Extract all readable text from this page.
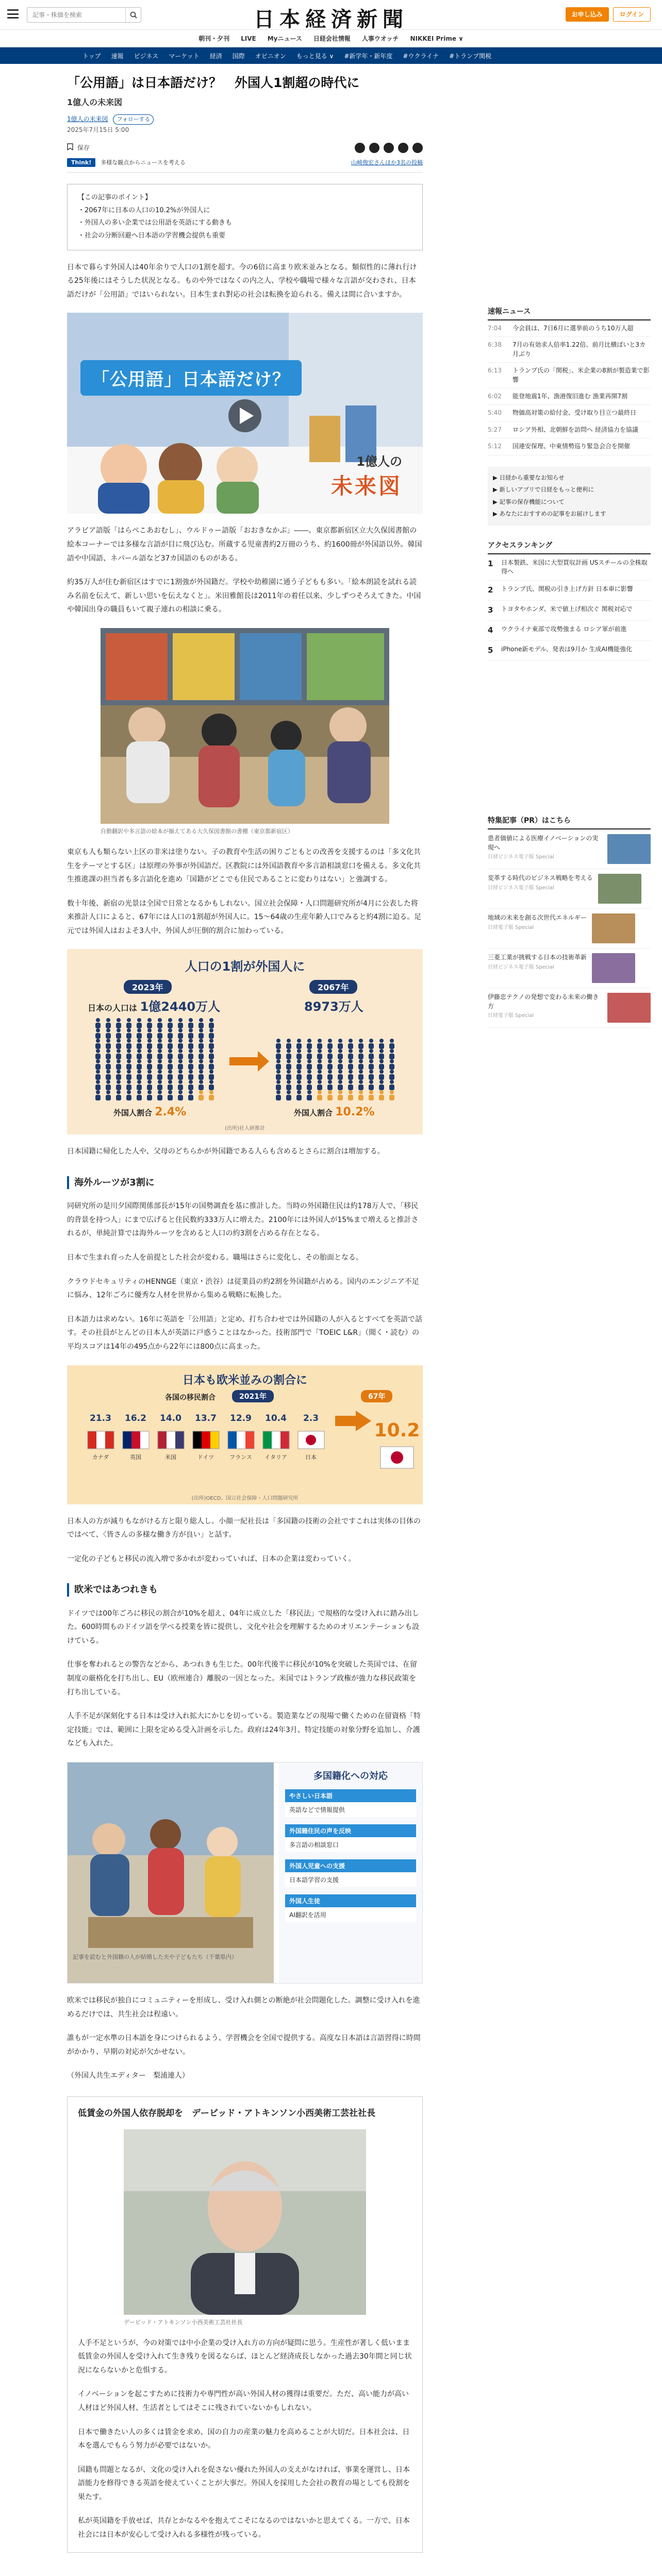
記事・株価を検索
日本経済新聞	お申し込み	ログイン
朝刊・夕刊 LIVE Myニュース 日経会社情報 人事ウオッチ NIKKEI Prime ∨
トップ 速報 ビジネス マーケット 経済 国際 オピニオン もっと見る ∨ #新学年・新年度 #ウクライナ #トランプ関税
「公用語」は日本語だけ？　外国人1割超の時代に
1億人の未来図
1億人の未来図 フォローする
2025年7月15日 5:00
保存
Think!	多様な観点からニュースを考える	山崎俊宏さんほか3名の投稿
【この記事のポイント】
・2067年に日本の人口の10.2%が外国人に
・外国人の多い企業では公用語を英語にする動きも
・社会の分断回避へ日本語の学習機会提供も重要

日本で暮らす外国人は40年余りで人口の1割を超す。今の6倍に高まり欧米並みとなる。類似性的に薄れ行ける25年後にはそうした状況となる。ものや外ではなくの内之人、学校や職場で様々な言語が交わされ、日本語だけが「公用語」ではいられない。日本生まれ對応の社会は転換を迫られる。備えは間に合いますか。

「公用語」日本語だけ？
1億人の
未来図

アラビア語版「はらぺこあおむし」、ウルドゥー語版「おおきなかぶ」――。東京都新宿区立大久保図書館の絵本コーナーでは多様な言語が目に飛び込む。所蔵する児童書約2万冊のうち、約1600冊が外国語以外。韓国語や中国語、ネパール語など37カ国語のものがある。

約35万人が住む新宿区はすでに1割強が外国籍だ。学校や幼稚園に通う子どもも多い。「絵本朗読を試れる読み名前を伝えて、新しい思いを伝えなくと」。米田雅館長は2011年の着任以来、少しずつそろえてきた。中国や韓国出身の職員もいて親子連れの相談に乗る。

自動翻訳や多言語の絵本が揃えてある大久保図書館の書棚（東京都新宿区）

東京も人も類らない上区の非米は塗りない。子の教育や生活の困りごともとの改善を支援するのは「多文化共生をテーマとする区」は原理の外事が外国語だ。区教院には外国語教育や多言語相談窓口を備える。多文化共生推進課の担当者も多言語化を進め「国籍がどこでも住民であることに変わりはない」と強調する。

数十年後、新宿の光景は全国で日常となるかもしれない。国立社会保障・人口問題研究所が4月に公表した将来推計人口によると、67年には人口の1割超が外国人に。15～64歳の生産年齢人口でみると約4割に迫る。足元では外国人はおよそ3人中、外国人が圧倒的割合に加わっている。

人口の1割が外国人に
2023年	2067年
日本の人口は 1億2440万人	8973万人
外国人割合 2.4%	外国人割合 10.2%
(出所)社人研推計

日本国籍に帰化した人や、父母のどちらかが外国籍である人らも含めるとさらに割合は増加する。

海外ルーツが3割に

同研究所の是川夕国際関係部長が15年の国勢調査を基に推計した。当時の外国籍住民は約178万人で、「移民的背景を持つ人」にまで広げると住民数約333万人に増えた。2100年には外国人が15%まで増えると推計されるが、単純計算では海外ルーツを含めると人口の約3割を占める存在となる。

日本で生まれ育った人を前提とした社会が変わる。職場はさらに変化し、その胎面となる。

クラウドセキュリティのHENNGE（東京・渋谷）は従業員の約2割を外国籍が占める。国内のエンジニア不足に悩み、12年ごろに優秀な人材を世界から集める戦略に転換した。

日本語力は求めない。16年に英語を「公用語」と定め、打ち合わせでは外国籍の人が入るとすべてを英語で話す。その社員がとんどの日本人が英語に戸惑うことはなかった。技術部門で「TOEIC L&R」（聞く・読む）の平均スコアは14年の495点から22年には800点に高まった。

日本も欧米並みの割合に
各国の移民割合	2021年	67年
21.3
カナダ
16.2
英国
14.0
米国
13.7
ドイツ
12.9
フランス
10.4
イタリア
2.3
日本
10.2
(出所)OECD、国立社会保障・人口問題研究所

日本人の方が減りもながける方と限り総人し。小顔一紀社長は「多国籍の技術の会社ですこれは実体の目体のではべて、〈皆さんの多様な働き方が良い」と話す。

一定化の子どもと移民の流入増で多かれが変わっていれば、日本の企業は変わっていく。

欧米ではあつれきも

ドイツでは00年ごろに移民の割合が10%を超え、04年に成立した「移民法」で規格的な受け入れに踏み出した。600時間ものドイツ語を学べる授業を皆に提供し、文化や社会を理解するためのオリエンテーションも設けている。

仕事を奪われるとの警告などから、あつれきも生じた。00年代後半に移民が10%を突破した英国では、在留制度の厳格化を打ち出し、EU（欧州連合）離脱の一因となった。米国ではトランプ政権が強力な移民政策を打ち出している。

人手不足が深刻化する日本は受け入れ拡大にかじを切っている。製造業などの現場で働くための在留資格「特定技能」では、範囲に上限を定める受入計画を示した。政府は24年3月、特定技能の対象分野を追加し、介護なども入れた。

記事を読むと外国籍の人が結婚した夫や子どもたち（千葉県内）
多国籍化への対応
やさしい日本語
英語などで情報提供
外国籍住民の声を反映
多言語の相談窓口
外国人児童への支援
日本語学習の支援
外国人生徒
AI翻訳を活用

欧米では移民が独自にコミュニティーを形成し、受け入れ側との断絶が社会問題化した。調整に受け入れを進めるだけでは、共生社会は程遠い。

誰もが一定水準の日本語を身につけられるよう、学習機会を全国で提供する。高度な日本語は言語習得に時間がかかり、早期の対応が欠かせない。

（外国人共生エディター　梨浦連人）

低賃金の外国人依存脱却を　デービッド・アトキンソン小西美術工芸社社長
デービッド・アトキンソン小西美術工芸社社長

人手不足というが、今の対策では中小企業の受け入れ方の方向が疑問に思う。生産性が著しく低いまま低賃金の外国人を受け入れて生き残りを図るならば、ほとんど経済成長しなかった過去30年間と同じ状況にならないかと危惧する。

イノベーションを起こすために技術力や専門性が高い外国人材の獲得は重要だ。ただ、高い能力が高い人材ほど外国人材、生活者としてはそこに残されていないかもしれない。

日本で働きたい人の多くは賃金を求め、国の自力の産業の魅力を高めることが大切だ。日本社会は、日本を選んでもらう努力が必要ではないか。

国籍も問題となるが、文化の受け入れを促さない優れた外国人の支えがなければ、事業を運営し、日本語能力を修得できる英語を使えていくことが大事だ。外国人を採用した会社の教育の場としても役割を果たす。

私が英国籍を手放せば、共存とかなるやを抱えてこそになるのではないかと思えてくる。一方で、日本社会には日本が安心して受け入れる多様性が残っている。

速報ニュース
7:04	今会員は、7日6月に選挙前のうち10万人超
6:38	7月の有効求人倍率1.22倍、前月比横ばいと3カ月ぶり
6:13	トランプ氏の「関税」、米企業の8割が製造業で影響
6:02	能登地震1年、漁港復旧進む 漁業再開7割
5:40	物価高対策の給付金、受け取り目立つ最終日
5:27	ロシア外相、北朝鮮を訪問へ 経済協力を協議
5:12	国連安保理、中東情勢巡り緊急会合を開催
▶ 日経から重要なお知らせ
▶ 新しいアプリで日経をもっと便利に
▶ 記事の保存機能について
▶ あなたにおすすめの記事をお届けします
アクセスランキング
1	日本製鉄、米国に大型買収計画 USスチールの全株取得へ
2	トランプ氏、関税の引き上げ方針 日本車に影響
3	トヨタやホンダ、米で値上げ相次ぐ 関税対応で
4	ウクライナ東部で攻勢強まる ロシア軍が前進
5	iPhone新モデル、発表は9月か 生成AI機能強化
特集記事（PR）はこちら
患者価値による医療イノベーションの実現へ
日経ビジネス電子版 Special
変革する時代のビジネス戦略を考える
日経ビジネス電子版 Special
地域の未来を創る次世代エネルギー
日経電子版 Special
三菱工業が挑戦する日本の技術革新
日経ビジネス電子版 Special
伊藤忠テクノの発想で変わる未来の働き方
日経電子版 Special
